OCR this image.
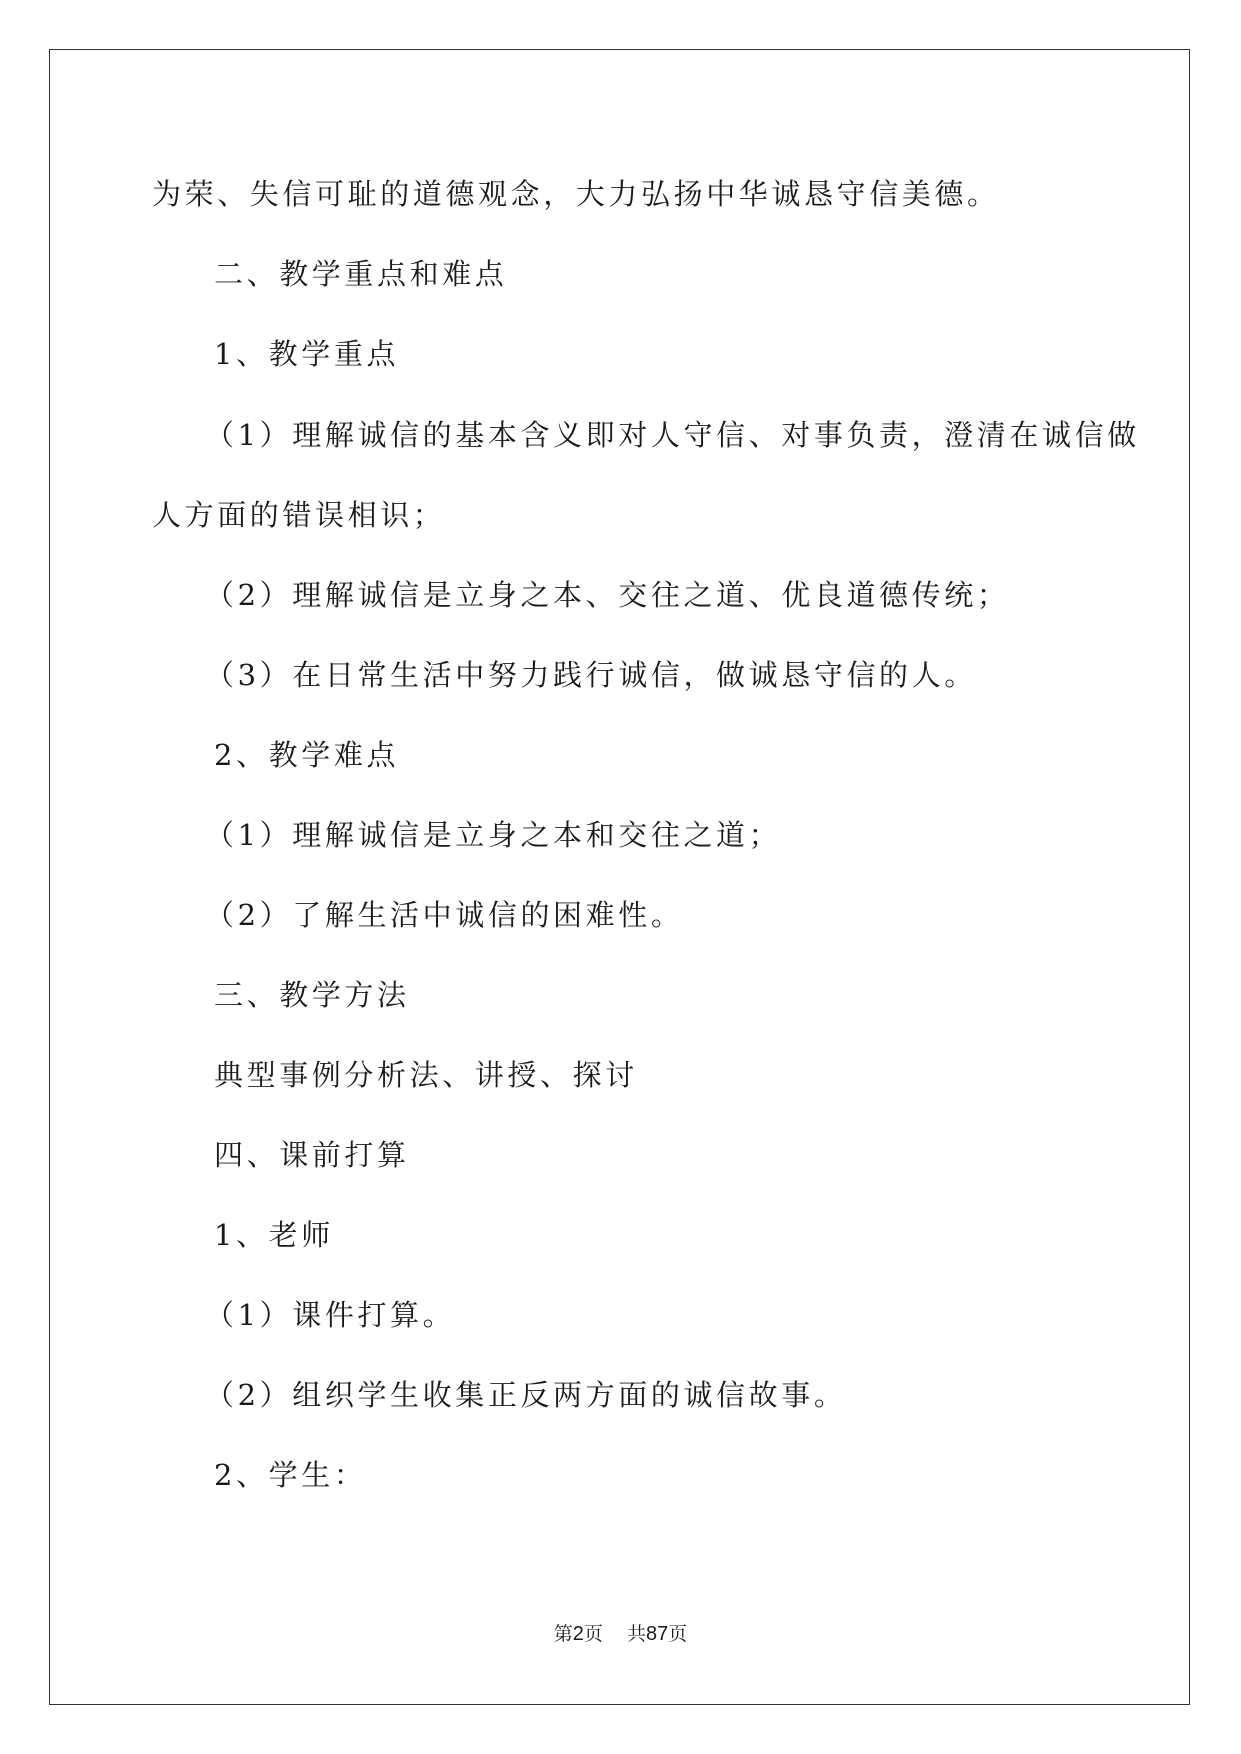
为荣、失信可耻的道德观念，大力弘扬中华诚恳守信美德。
二、教学重点和难点
1、教学重点
（1）理解诚信的基本含义即对人守信、对事负责，澄清在诚信做
人方面的错误相识；
（2）理解诚信是立身之本、交往之道、优良道德传统；
（3）在日常生活中努力践行诚信，做诚恳守信的人。
2、教学难点
（1）理解诚信是立身之本和交往之道；
（2）了解生活中诚信的困难性。
三、教学方法
典型事例分析法、讲授、探讨
四、课前打算
1、老师
（1）课件打算。
（2）组织学生收集正反两方面的诚信故事。
2、学生：
第2页 共87页
